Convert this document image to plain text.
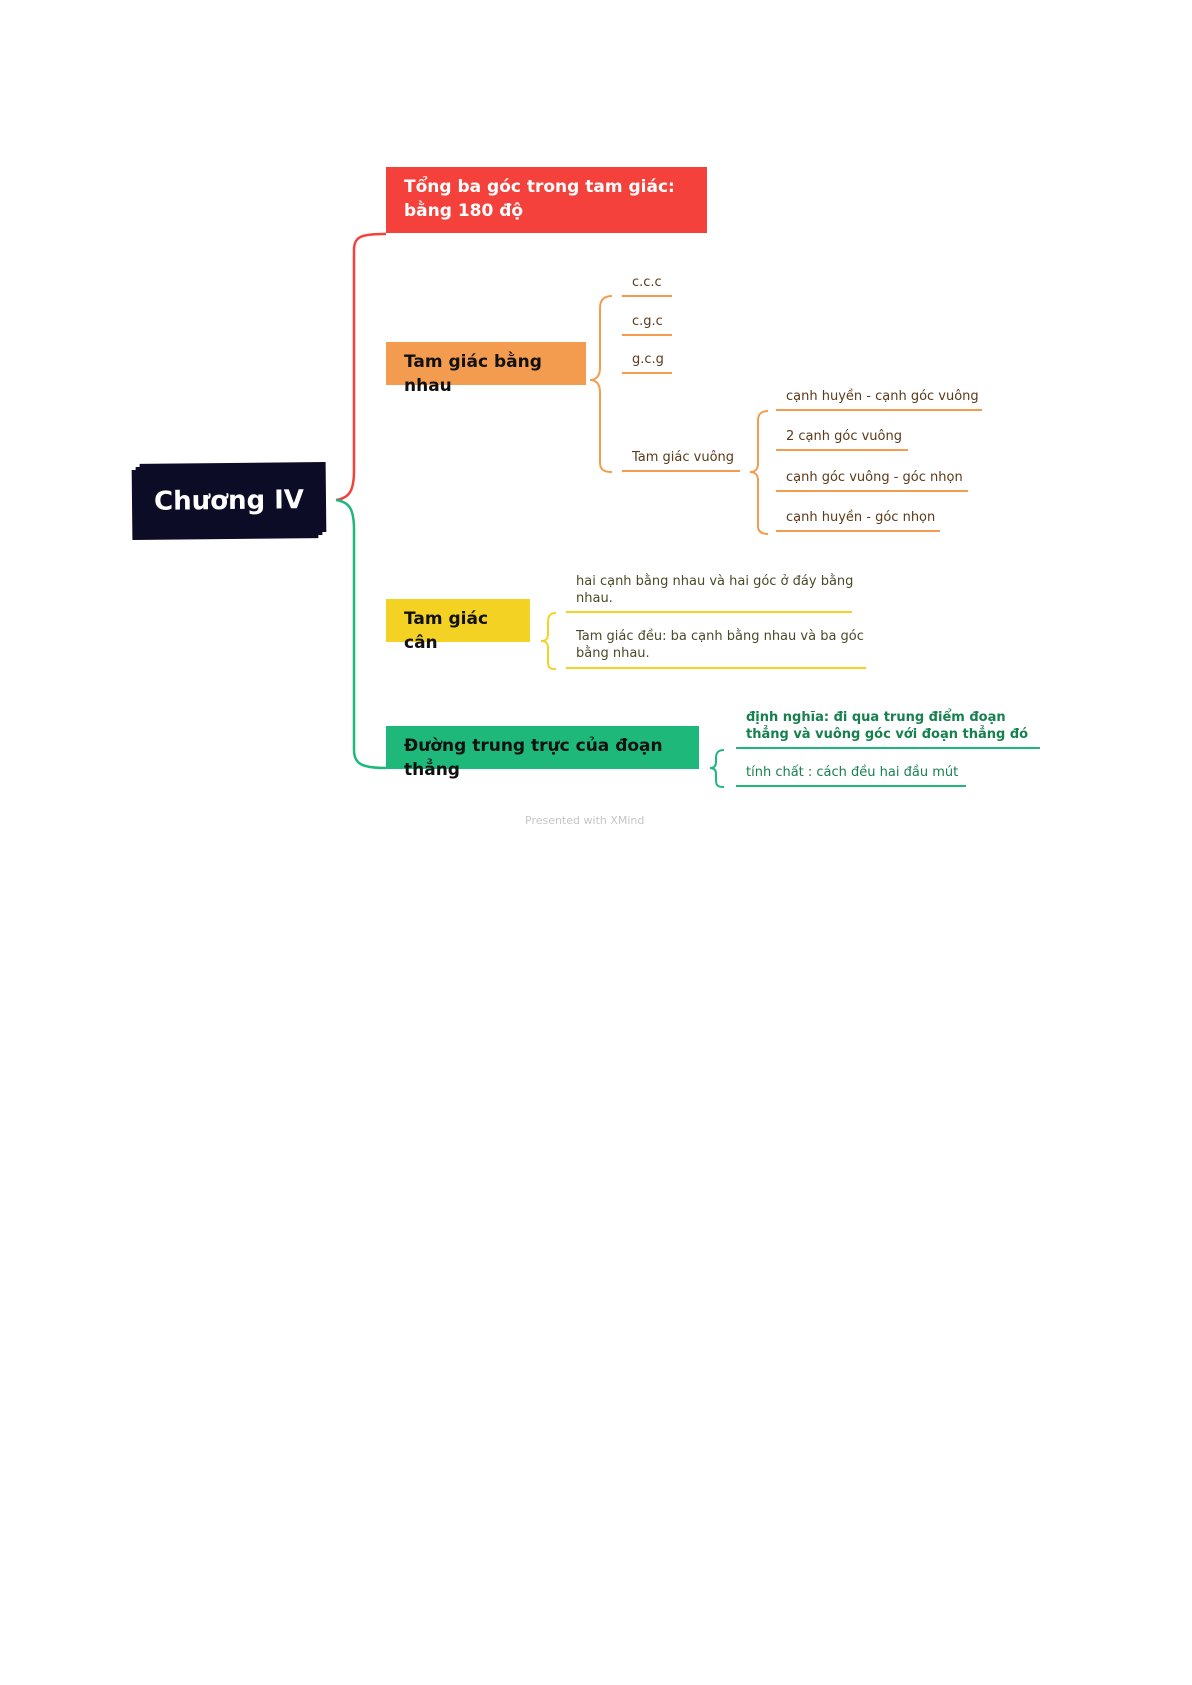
Chương IV
Tổng ba góc trong tam giác: bằng 180 độ
Tam giác bằng nhau
Tam giác cân
Đường trung trực của đoạn thẳng
c.c.c
c.g.c
g.c.g
Tam giác vuông
cạnh huyền - cạnh góc vuông
2 cạnh góc vuông
cạnh góc vuông - góc nhọn
cạnh huyền - góc nhọn
hai cạnh bằng nhau và hai góc ở đáy bằng nhau.
Tam giác đều: ba cạnh bằng nhau và ba góc bằng nhau.
định nghĩa: đi qua trung điểm đoạn thẳng và vuông góc với đoạn thẳng đó
tính chất : cách đều hai đầu mút
Presented with XMind
